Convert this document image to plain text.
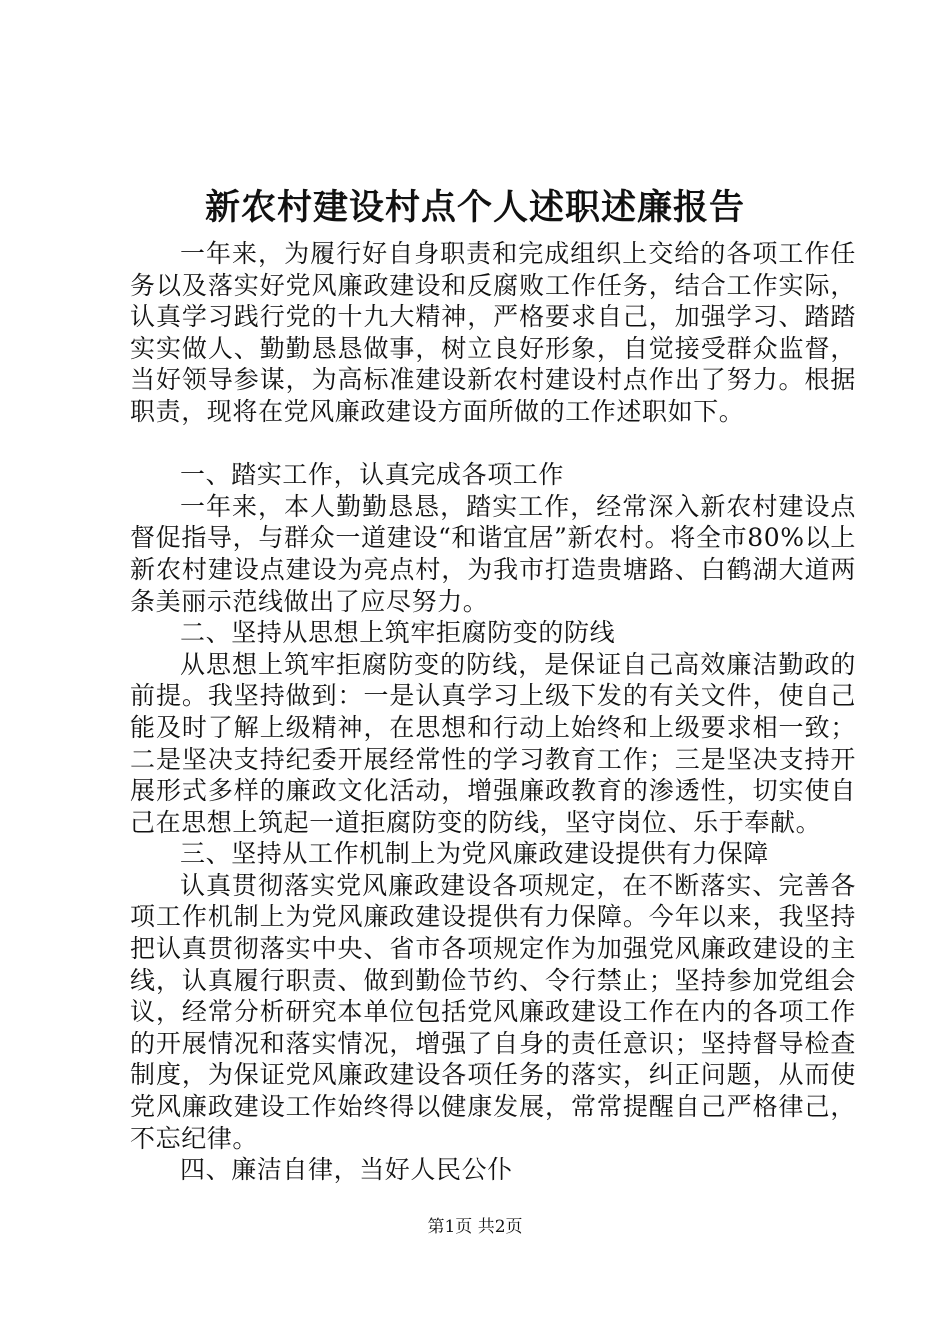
新农村建设村点个人述职述廉报告

一年来，为履行好自身职责和完成组织上交给的各项工作任务以及落实好党风廉政建设和反腐败工作任务，结合工作实际，认真学习践行党的十九大精神，严格要求自己，加强学习、踏踏实实做人、勤勤恳恳做事，树立良好形象，自觉接受群众监督，当好领导参谋，为高标准建设新农村建设村点作出了努力。根据职责，现将在党风廉政建设方面所做的工作述职如下。

一、踏实工作，认真完成各项工作

一年来，本人勤勤恳恳，踏实工作，经常深入新农村建设点督促指导，与群众一道建设“和谐宜居”新农村。将全市80%以上新农村建设点建设为亮点村，为我市打造贵塘路、白鹤湖大道两条美丽示范线做出了应尽努力。

二、坚持从思想上筑牢拒腐防变的防线

从思想上筑牢拒腐防变的防线，是保证自己高效廉洁勤政的前提。我坚持做到：一是认真学习上级下发的有关文件，使自己能及时了解上级精神，在思想和行动上始终和上级要求相一致；二是坚决支持纪委开展经常性的学习教育工作；三是坚决支持开展形式多样的廉政文化活动，增强廉政教育的渗透性，切实使自己在思想上筑起一道拒腐防变的防线，坚守岗位、乐于奉献。

三、坚持从工作机制上为党风廉政建设提供有力保障

认真贯彻落实党风廉政建设各项规定，在不断落实、完善各项工作机制上为党风廉政建设提供有力保障。今年以来，我坚持把认真贯彻落实中央、省市各项规定作为加强党风廉政建设的主线，认真履行职责、做到勤俭节约、令行禁止；坚持参加党组会议，经常分析研究本单位包括党风廉政建设工作在内的各项工作的开展情况和落实情况，增强了自身的责任意识；坚持督导检查制度，为保证党风廉政建设各项任务的落实，纠正问题，从而使党风廉政建设工作始终得以健康发展，常常提醒自己严格律己，不忘纪律。

四、廉洁自律，当好人民公仆

第1页 共2页
